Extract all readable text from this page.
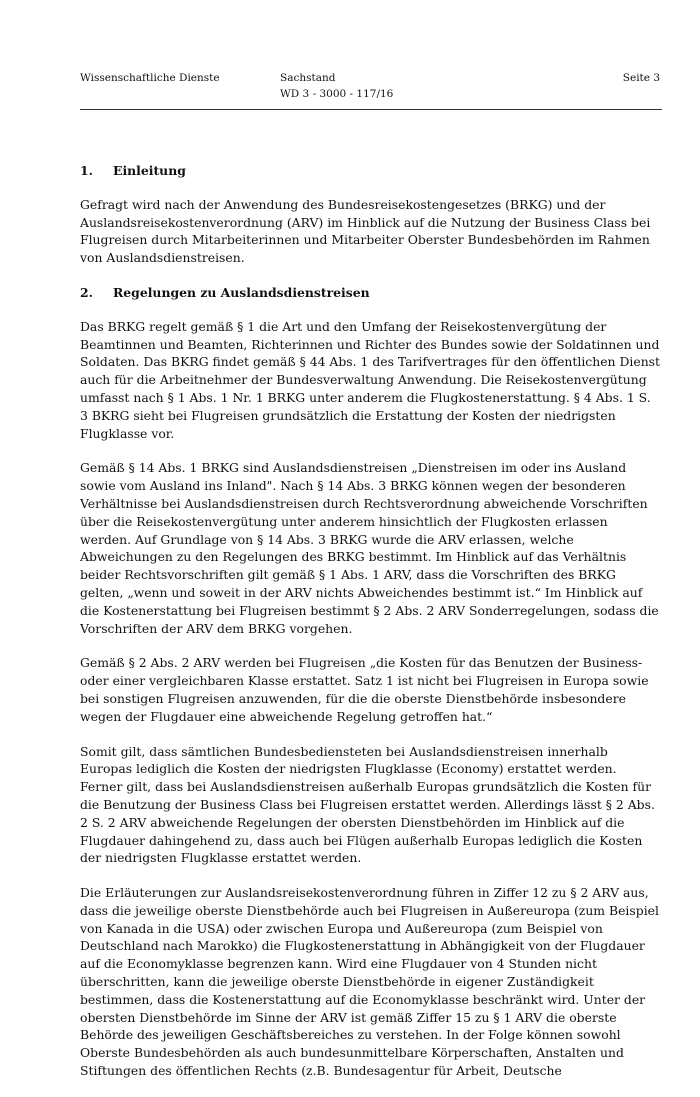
Wissenschaftliche Dienste	Sachstand
WD 3 - 3000 - 117/16
Seite 3
1. Einleitung

Gefragt wird nach der Anwendung des Bundesreisekostengesetzes (BRKG) und der Auslandsreisekostenverordnung (ARV) im Hinblick auf die Nutzung der Business Class bei Flugreisen durch Mitarbeiterinnen und Mitarbeiter Oberster Bundesbehörden im Rahmen von Auslandsdienstreisen.

2. Regelungen zu Auslandsdienstreisen

Das BRKG regelt gemäß § 1 die Art und den Umfang der Reisekostenvergütung der Beamtinnen und Beamten, Richterinnen und Richter des Bundes sowie der Soldatinnen und Soldaten. Das BKRG findet gemäß § 44 Abs. 1 des Tarifvertrages für den öffentlichen Dienst auch für die Arbeitnehmer der Bundesverwaltung Anwendung. Die Reisekostenvergütung umfasst nach § 1 Abs. 1 Nr. 1 BRKG unter anderem die Flugkostenerstattung. § 4 Abs. 1 S. 3 BKRG sieht bei Flugreisen grundsätzlich die Erstattung der Kosten der niedrigsten Flugklasse vor.

Gemäß § 14 Abs. 1 BRKG sind Auslandsdienstreisen „Dienstreisen im oder ins Ausland sowie vom Ausland ins Inland". Nach § 14 Abs. 3 BRKG können wegen der besonderen Verhältnisse bei Auslandsdienstreisen durch Rechtsverordnung abweichende Vorschriften über die Reisekostenvergütung unter anderem hinsichtlich der Flugkosten erlassen werden. Auf Grundlage von § 14 Abs. 3 BRKG wurde die ARV erlassen, welche Abweichungen zu den Regelungen des BRKG bestimmt. Im Hinblick auf das Verhältnis beider Rechtsvorschriften gilt gemäß § 1 Abs. 1 ARV, dass die Vorschriften des BRKG gelten, „wenn und soweit in der ARV nichts Abweichendes bestimmt ist.“ Im Hinblick auf die Kostenerstattung bei Flugreisen bestimmt § 2 Abs. 2 ARV Sonderregelungen, sodass die Vorschriften der ARV dem BRKG vorgehen.

Gemäß § 2 Abs. 2 ARV werden bei Flugreisen „die Kosten für das Benutzen der Business- oder einer vergleichbaren Klasse erstattet. Satz 1 ist nicht bei Flugreisen in Europa sowie bei sonstigen Flugreisen anzuwenden, für die die oberste Dienstbehörde insbesondere wegen der Flugdauer eine abweichende Regelung getroffen hat.“

Somit gilt, dass sämtlichen Bundesbediensteten bei Auslandsdienstreisen innerhalb Europas lediglich die Kosten der niedrigsten Flugklasse (Economy) erstattet werden. Ferner gilt, dass bei Auslandsdienstreisen außerhalb Europas grundsätzlich die Kosten für die Benutzung der Business Class bei Flugreisen erstattet werden. Allerdings lässt § 2 Abs. 2 S. 2 ARV abweichende Regelungen der obersten Dienstbehörden im Hinblick auf die Flugdauer dahingehend zu, dass auch bei Flügen außerhalb Europas lediglich die Kosten der niedrigsten Flugklasse erstattet werden.

Die Erläuterungen zur Auslandsreisekostenverordnung führen in Ziffer 12 zu § 2 ARV aus, dass die jeweilige oberste Dienstbehörde auch bei Flugreisen in Außereuropa (zum Beispiel von Kanada in die USA) oder zwischen Europa und Außereuropa (zum Beispiel von Deutschland nach Marokko) die Flugkostenerstattung in Abhängigkeit von der Flugdauer auf die Economyklasse begrenzen kann. Wird eine Flugdauer von 4 Stunden nicht überschritten, kann die jeweilige oberste Dienstbehörde in eigener Zuständigkeit bestimmen, dass die Kostenerstattung auf die Economyklasse beschränkt wird. Unter der obersten Dienstbehörde im Sinne der ARV ist gemäß Ziffer 15 zu § 1 ARV die oberste Behörde des jeweiligen Geschäftsbereiches zu verstehen. In der Folge können sowohl Oberste Bundesbehörden als auch bundesunmittelbare Körperschaften, Anstalten und Stiftungen des öffentlichen Rechts (z.B. Bundesagentur für Arbeit, Deutsche
